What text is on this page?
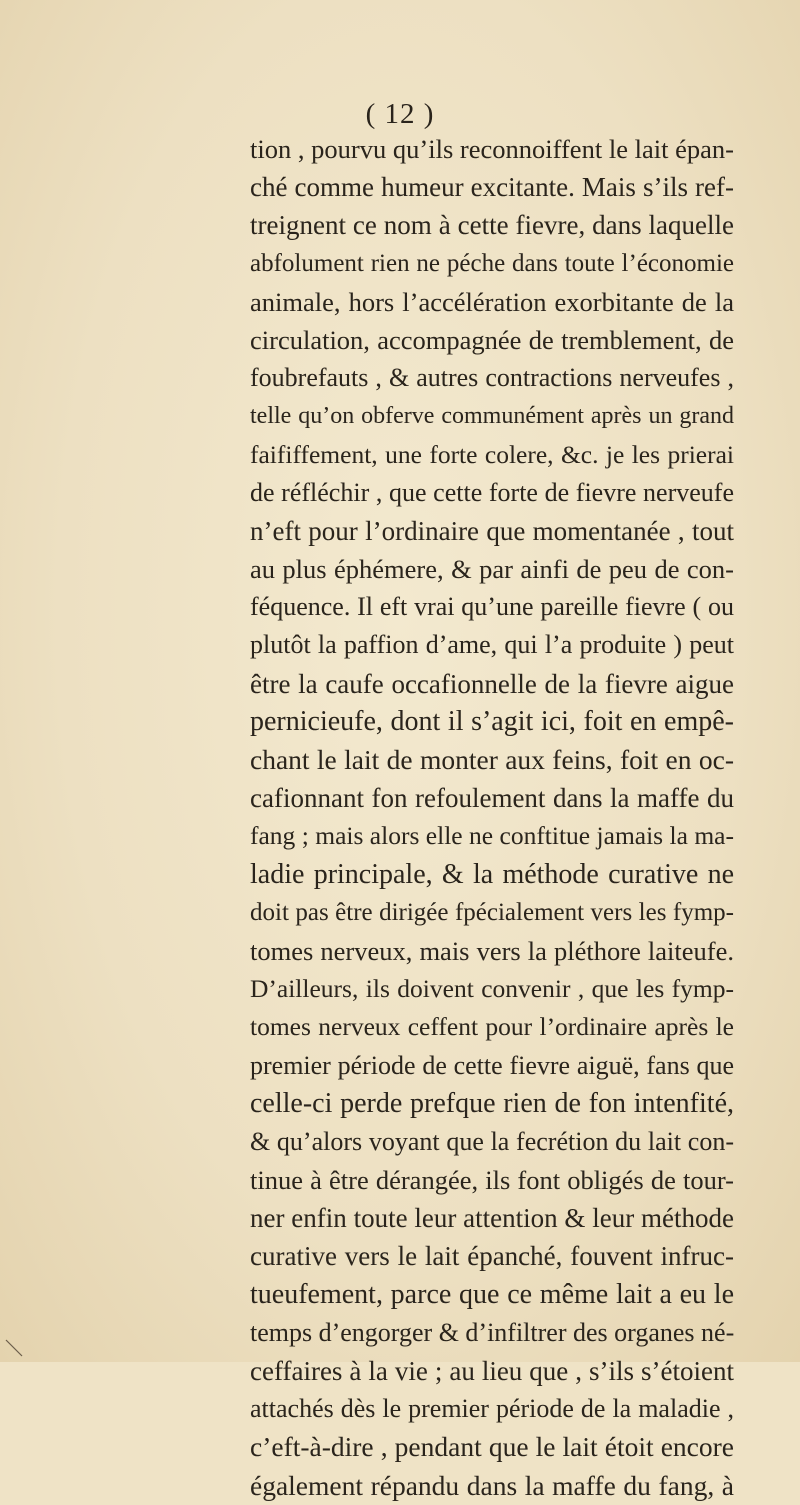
( 12 )
tion , pourvu qu’ils reconnoiffent le lait épan-
ché comme humeur excitante. Mais s’ils ref-
treignent ce nom à cette fievre, dans laquelle
abfolument rien ne péche dans toute l’économie
animale, hors l’accélération exorbitante de la
circulation, accompagnée de tremblement, de
foubrefauts , & autres contractions nerveufes ,
telle qu’on obferve communément après un grand
faififfement, une forte colere, &c. je les prierai
de réfléchir , que cette forte de fievre nerveufe
n’eft pour l’ordinaire que momentanée , tout
au plus éphémere, & par ainfi de peu de con-
féquence. Il eft vrai qu’une pareille fievre ( ou
plutôt la paffion d’ame, qui l’a produite ) peut
être la caufe occafionnelle de la fievre aigue
pernicieufe, dont il s’agit ici, foit en empê-
chant le lait de monter aux feins, foit en oc-
cafionnant fon refoulement dans la maffe du
fang ; mais alors elle ne conftitue jamais la ma-
ladie principale, & la méthode curative ne
doit pas être dirigée fpécialement vers les fymp-
tomes nerveux, mais vers la pléthore laiteufe.
D’ailleurs, ils doivent convenir , que les fymp-
tomes nerveux ceffent pour l’ordinaire après le
premier période de cette fievre aiguë, fans que
celle-ci perde prefque rien de fon intenfité,
& qu’alors voyant que la fecrétion du lait con-
tinue à être dérangée, ils font obligés de tour-
ner enfin toute leur attention & leur méthode
curative vers le lait épanché, fouvent infruc-
tueufement, parce que ce même lait a eu le
temps d’engorger & d’infiltrer des organes né-
ceffaires à la vie ; au lieu que , s’ils s’étoient
attachés dès le premier période de la maladie ,
c’eft-à-dire , pendant que le lait étoit encore
également répandu dans la maffe du fang, à
